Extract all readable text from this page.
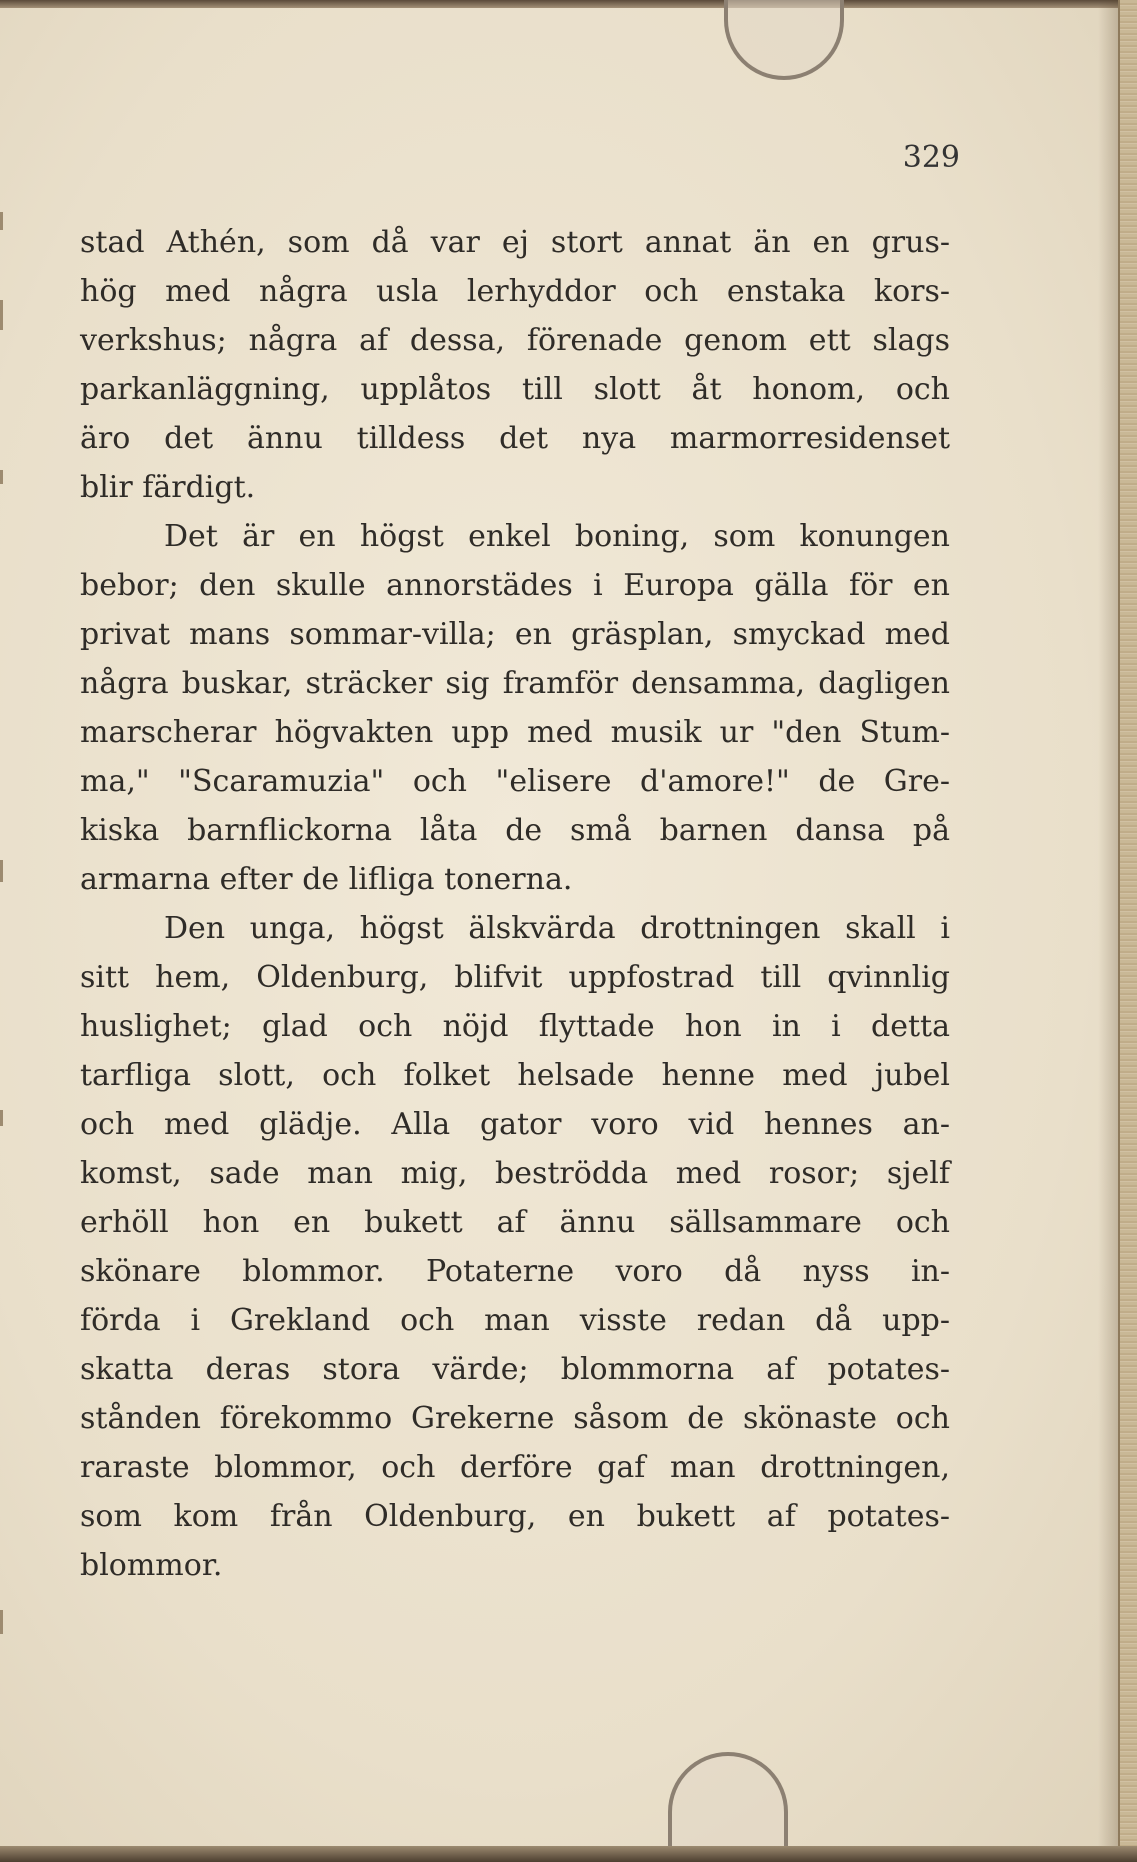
329
stad Athén, som då var ej stort annat än en grus-
hög med några usla lerhyddor och enstaka kors-
verkshus; några af dessa, förenade genom ett slags
parkanläggning, upplåtos till slott åt honom, och
äro det ännu tilldess det nya marmorresidenset
blir färdigt.
Det är en högst enkel boning, som konungen
bebor; den skulle annorstädes i Europa gälla för en
privat mans sommar-villa; en gräsplan, smyckad med
några buskar, sträcker sig framför densamma, dagligen
marscherar högvakten upp med musik ur "den Stum-
ma," "Scaramuzia" och "elisere d'amore!" de Gre-
kiska barnflickorna låta de små barnen dansa på
armarna efter de lifliga tonerna.
Den unga, högst älskvärda drottningen skall i
sitt hem, Oldenburg, blifvit uppfostrad till qvinnlig
huslighet; glad och nöjd flyttade hon in i detta
tarfliga slott, och folket helsade henne med jubel
och med glädje. Alla gator voro vid hennes an-
komst, sade man mig, beströdda med rosor; sjelf
erhöll hon en bukett af ännu sällsammare och
skönare blommor. Potaterne voro då nyss in-
förda i Grekland och man visste redan då upp-
skatta deras stora värde; blommorna af potates-
stånden förekommo Grekerne såsom de skönaste och
raraste blommor, och derföre gaf man drottningen,
som kom från Oldenburg, en bukett af potates-
blommor.
